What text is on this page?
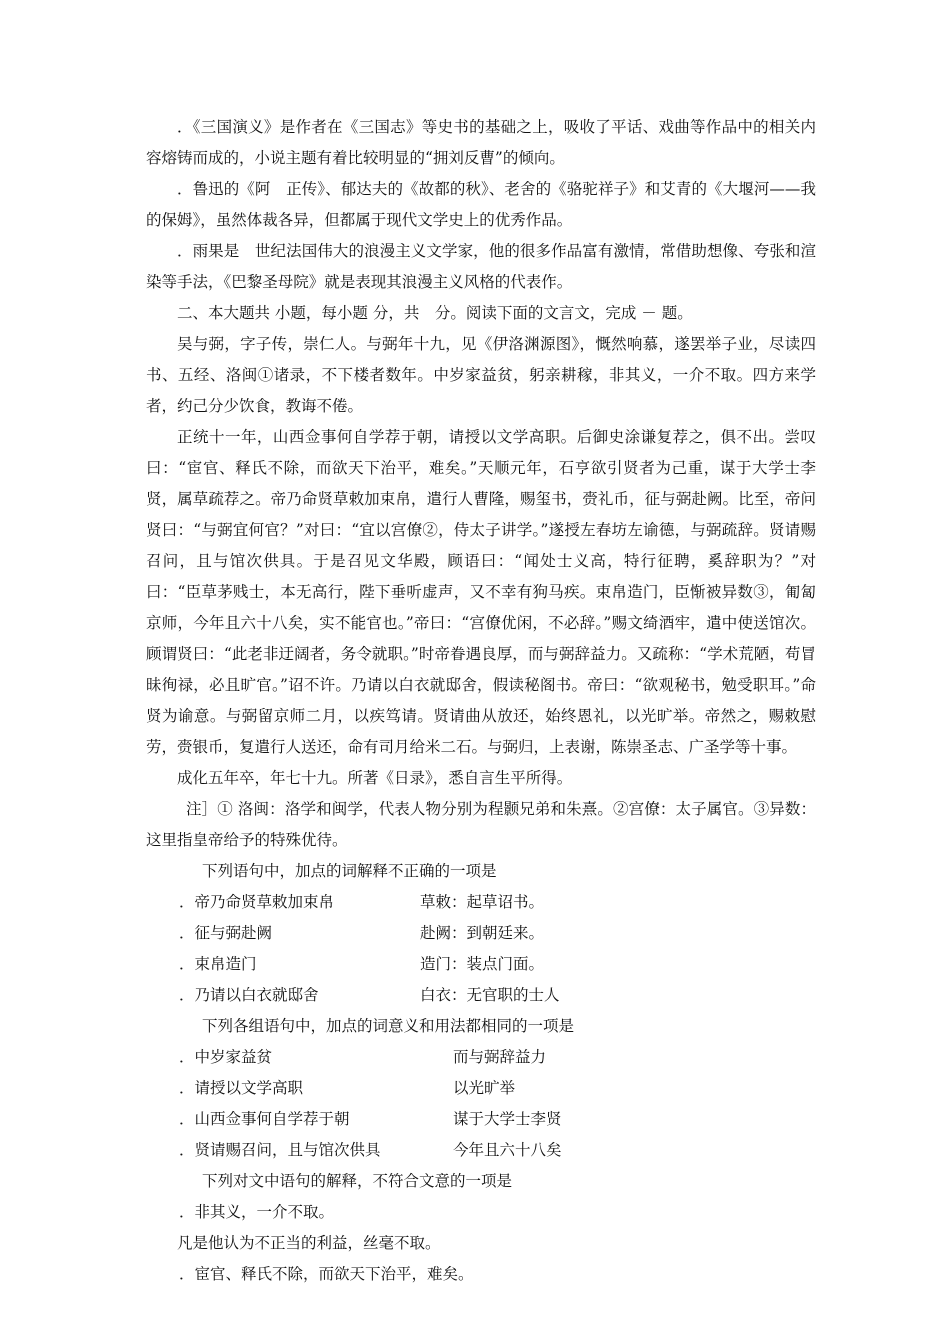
．《三国演义》是作者在《三国志》等史书的基础之上，吸收了平话、戏曲等作品中的相关内容熔铸而成的，小说主题有着比较明显的“拥刘反曹”的倾向。

．鲁迅的《阿　正传》、郁达夫的《故都的秋》、老舍的《骆驼祥子》和艾青的《大堰河——我的保姆》，虽然体裁各异，但都属于现代文学史上的优秀作品。

．雨果是　世纪法国伟大的浪漫主义文学家，他的很多作品富有激情，常借助想像、夸张和渲染等手法，《巴黎圣母院》就是表现其浪漫主义风格的代表作。

二、本大题共 小题，每小题 分，共　分。阅读下面的文言文，完成 － 题。

吴与弼，字子传，崇仁人。与弼年十九，见《伊洛渊源图》，慨然响慕，遂罢举子业，尽读四书、五经、洛闽①诸录，不下楼者数年。中岁家益贫，躬亲耕稼，非其义，一介不取。四方来学者，约己分少饮食，教诲不倦。

正统十一年，山西佥事何自学荐于朝，请授以文学高职。后御史涂谦复荐之，俱不出。尝叹曰：“宦官、释氏不除，而欲天下治平，难矣。”天顺元年，石亨欲引贤者为己重，谋于大学士李贤，属草疏荐之。帝乃命贤草敕加束帛，遣行人曹隆，赐玺书，赍礼币，征与弼赴阙。比至，帝问贤曰：“与弼宜何官？”对曰：“宜以宫僚②，侍太子讲学。”遂授左春坊左谕德，与弼疏辞。贤请赐召问，且与馆次供具。于是召见文华殿，顾语曰：“闻处士义高，特行征聘，奚辞职为？”对曰：“臣草茅贱士，本无高行，陛下垂听虚声，又不幸有狗马疾。束帛造门，臣惭被异数③，匍匐京师，今年且六十八矣，实不能官也。”帝曰：“宫僚优闲，不必辞。”赐文绮酒牢，遣中使送馆次。顾谓贤曰：“此老非迂阔者，务令就职。”时帝眷遇良厚，而与弼辞益力。又疏称：“学术荒陋，苟冒昧徇禄，必且旷官。”诏不许。乃请以白衣就邸舍，假读秘阁书。帝曰：“欲观秘书，勉受职耳。”命贤为谕意。与弼留京师二月，以疾笃请。贤请曲从放还，始终恩礼，以光旷举。帝然之，赐敕慰劳，赍银币，复遣行人送还，命有司月给米二石。与弼归，上表谢，陈崇圣志、广圣学等十事。

成化五年卒，年七十九。所著《日录》，悉自言生平所得。

注］① 洛闽：洛学和闽学，代表人物分别为程颢兄弟和朱熹。②宫僚：太子属官。③异数：这里指皇帝给予的特殊优待。

下列语句中，加点的词解释不正确的一项是

．帝乃命贤草敕加束帛	草敕：起草诏书。
．征与弼赴阙	赴阙：到朝廷来。
．束帛造门	造门：装点门面。
．乃请以白衣就邸舍	白衣：无官职的士人

下列各组语句中，加点的词意义和用法都相同的一项是

．中岁家益贫	而与弼辞益力
．请授以文学高职	以光旷举
．山西佥事何自学荐于朝	谋于大学士李贤
．贤请赐召问，且与馆次供具	今年且六十八矣

下列对文中语句的解释，不符合文意的一项是

．非其义，一介不取。

凡是他认为不正当的利益，丝毫不取。

．宦官、释氏不除，而欲天下治平，难矣。
